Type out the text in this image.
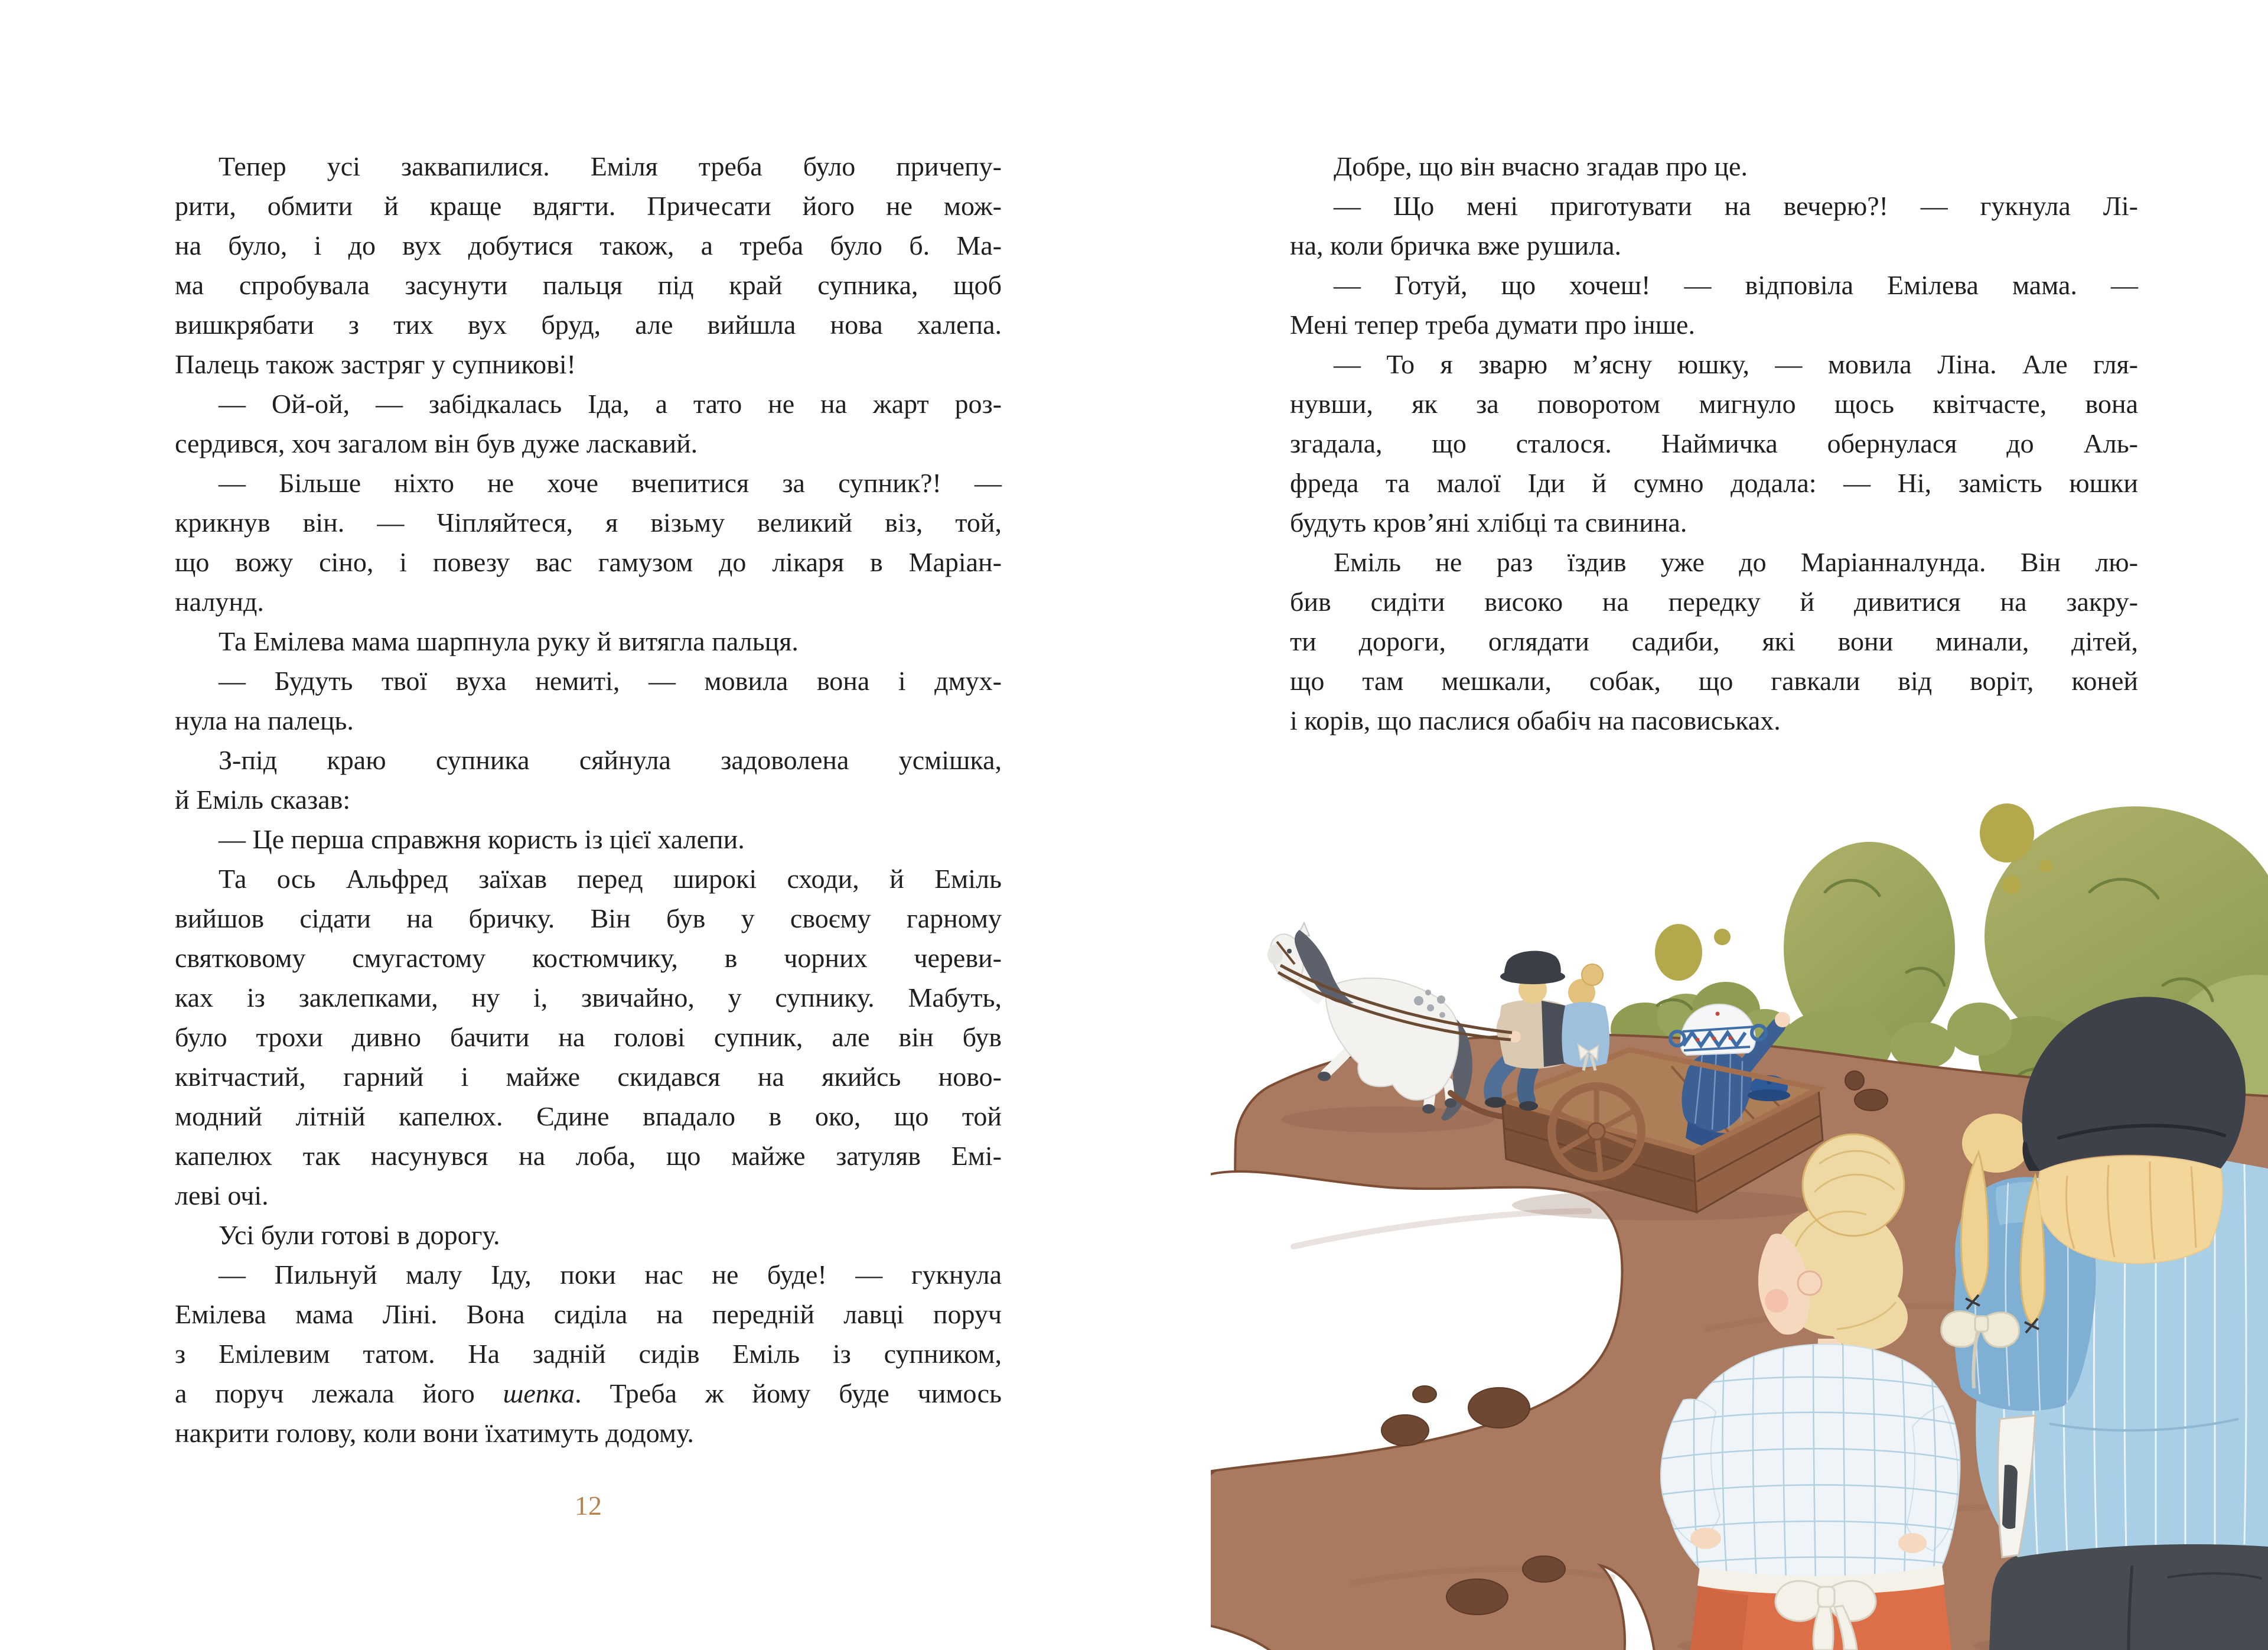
Тепер усі заквапилися. Еміля треба було причепу-
рити, обмити й краще вдягти. Причесати його не мож-
на було, і до вух добутися також, а треба було б. Ма-
ма спробувала засунути пальця під край супника, щоб
вишкрябати з тих вух бруд, але вийшла нова халепа.
Палець також застряг у супникові!
— Ой-ой, — забідкалась Іда, а тато не на жарт роз-
сердився, хоч загалом він був дуже ласкавий.
— Більше ніхто не хоче вчепитися за супник?! —
крикнув він. — Чіпляйтеся, я візьму великий віз, той,
що вожу сіно, і повезу вас гамузом до лікаря в Маріан-
налунд.
Та Емілева мама шарпнула руку й витягла пальця.
— Будуть твої вуха немиті, — мовила вона і дмух-
нула на палець.
З-під краю супника сяйнула задоволена усмішка,
й Еміль сказав:
— Це перша справжня користь із цієї халепи.
Та ось Альфред заїхав перед широкі сходи, й Еміль
вийшов сідати на бричку. Він був у своєму гарному
святковому смугастому костюмчику, в чорних череви-
ках із заклепками, ну і, звичайно, у супнику. Мабуть,
було трохи дивно бачити на голові супник, але він був
квітчастий, гарний і майже скидався на якийсь ново-
модний літній капелюх. Єдине впадало в око, що той
капелюх так насунувся на лоба, що майже затуляв Емі-
леві очі.
Усі були готові в дорогу.
— Пильнуй малу Іду, поки нас не буде! — гукнула
Емілева мама Ліні. Вона сиділа на передній лавці поруч
з Емілевим татом. На задній сидів Еміль із супником,
а поруч лежала його шепка. Треба ж йому буде чимось
накрити голову, коли вони їхатимуть додому.
12
Добре, що він вчасно згадав про це.
— Що мені приготувати на вечерю?! — гукнула Лі-
на, коли бричка вже рушила.
— Готуй, що хочеш! — відповіла Емілева мама. —
Мені тепер треба думати про інше.
— То я зварю м’ясну юшку, — мовила Ліна. Але гля-
нувши, як за поворотом мигнуло щось квітчасте, вона
згадала, що сталося. Наймичка обернулася до Аль-
фреда та малої Іди й сумно додала: — Ні, замість юшки
будуть кров’яні хлібці та свинина.
Еміль не раз їздив уже до Маріанналунда. Він лю-
бив сидіти високо на передку й дивитися на закру-
ти дороги, оглядати садиби, які вони минали, дітей,
що там мешкали, собак, що гавкали від воріт, коней
і корів, що паслися обабіч на пасовиськах.
